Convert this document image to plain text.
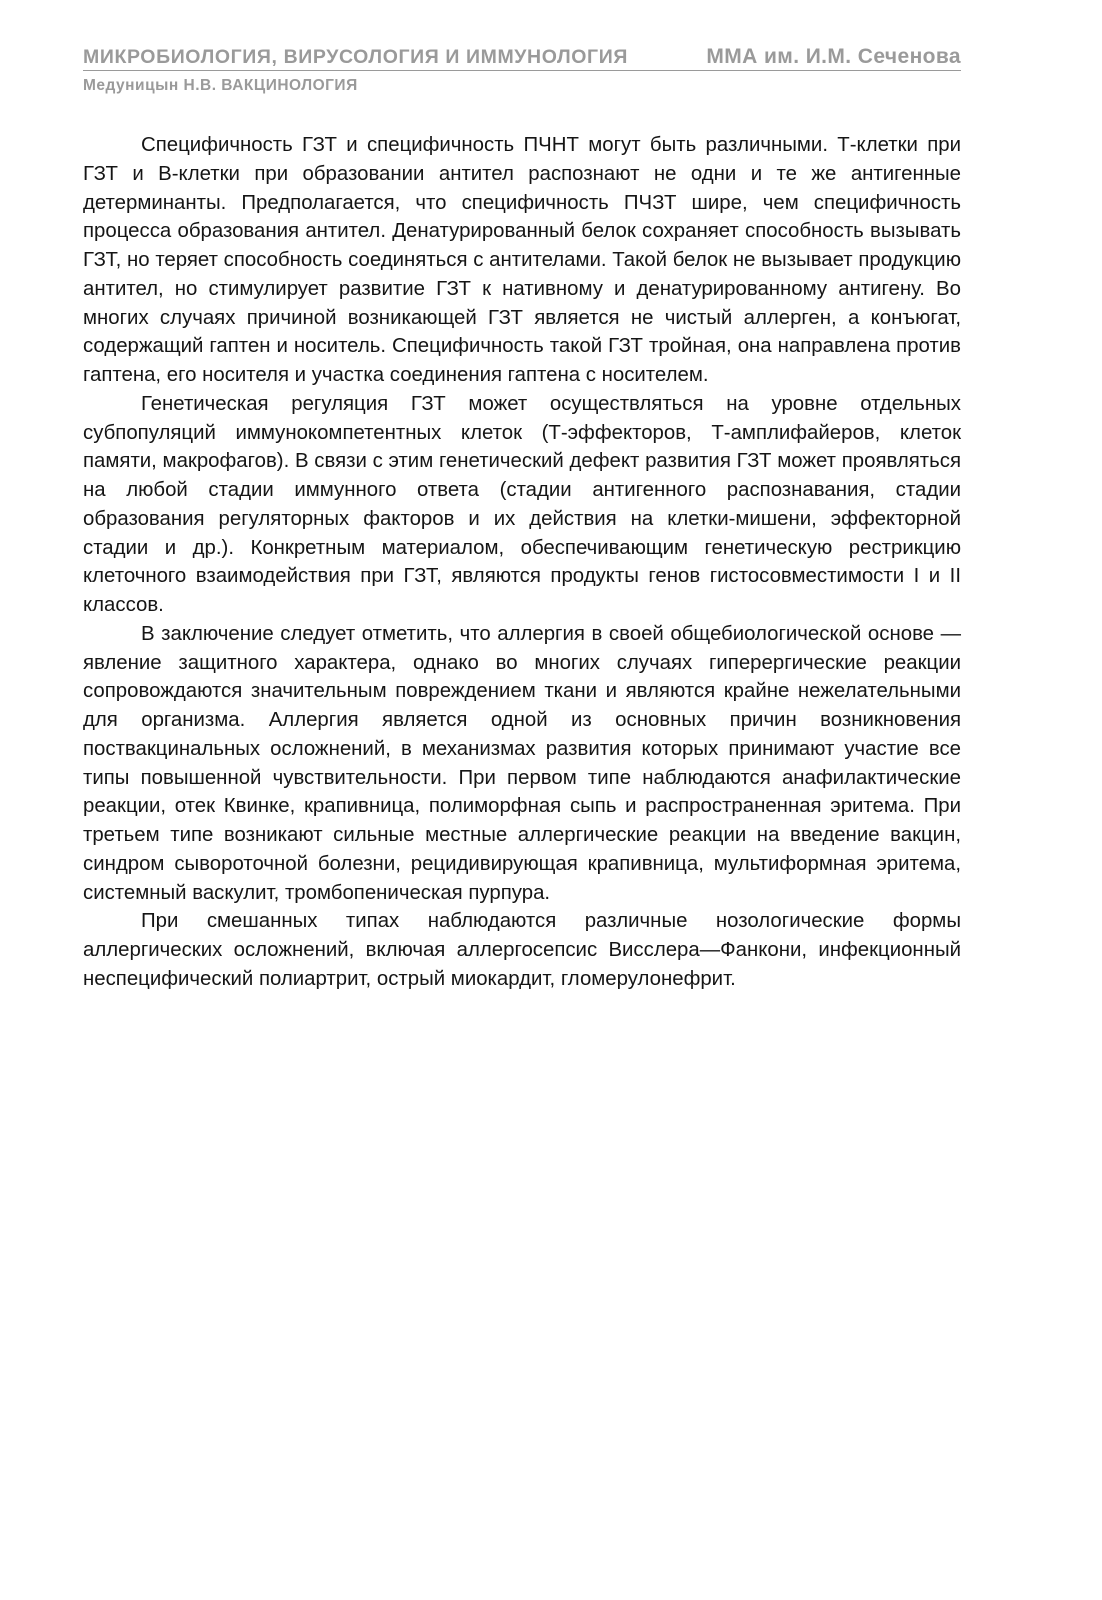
МИКРОБИОЛОГИЯ, ВИРУСОЛОГИЯ И ИММУНОЛОГИЯ	ММА им. И.М. Сеченова
Медуницын Н.В. ВАКЦИНОЛОГИЯ

Специфичность ГЗТ и специфичность ПЧНТ могут быть различными. Т-клетки при ГЗТ и В-клетки при образовании антител распознают не одни и те же антигенные детерминанты. Предполагается, что специфичность ПЧЗТ шире, чем специфичность процесса образования антител. Денатурированный белок сохраняет способность вызывать ГЗТ, но теряет способность соединяться с антителами. Такой белок не вызывает продукцию антител, но стимулирует развитие ГЗТ к нативному и денатурированному антигену. Во многих случаях причиной возникающей ГЗТ является не чистый аллерген, а конъюгат, содержащий гаптен и носитель. Специфичность такой ГЗТ тройная, она направлена против гаптена, его носителя и участка соединения гаптена с носителем.

Генетическая регуляция ГЗТ может осуществляться на уровне отдельных субпопуляций иммунокомпетентных клеток (Т-эффекторов, Т-амплифайеров, клеток памяти, макрофагов). В связи с этим генетический дефект развития ГЗТ может проявляться на любой стадии иммунного ответа (стадии антигенного распознавания, стадии образования регуляторных факторов и их действия на клетки-мишени, эффекторной стадии и др.). Конкретным материалом, обеспечивающим генетическую рестрикцию клеточного взаимодействия при ГЗТ, являются продукты генов гистосовместимости I и II классов.

В заключение следует отметить, что аллергия в своей общебиологической основе — явление защитного характера, однако во многих случаях гиперергические реакции сопровождаются значительным повреждением ткани и являются крайне нежелательными для организма. Аллергия является одной из основных причин возникновения поствакцинальных осложнений, в механизмах развития которых принимают участие все типы повышенной чувствительности. При первом типе наблюдаются анафилактические реакции, отек Квинке, крапивница, полиморфная сыпь и распространенная эритема. При третьем типе возникают сильные местные аллергические реакции на введение вакцин, синдром сывороточной болезни, рецидивирующая крапивница, мультиформная эритема, системный васкулит, тромбопеническая пурпура.

При смешанных типах наблюдаются различные нозологические формы аллергических осложнений, включая аллергосепсис Висслера—Фанкони, инфекционный неспецифический полиартрит, острый миокардит, гломерулонефрит.
